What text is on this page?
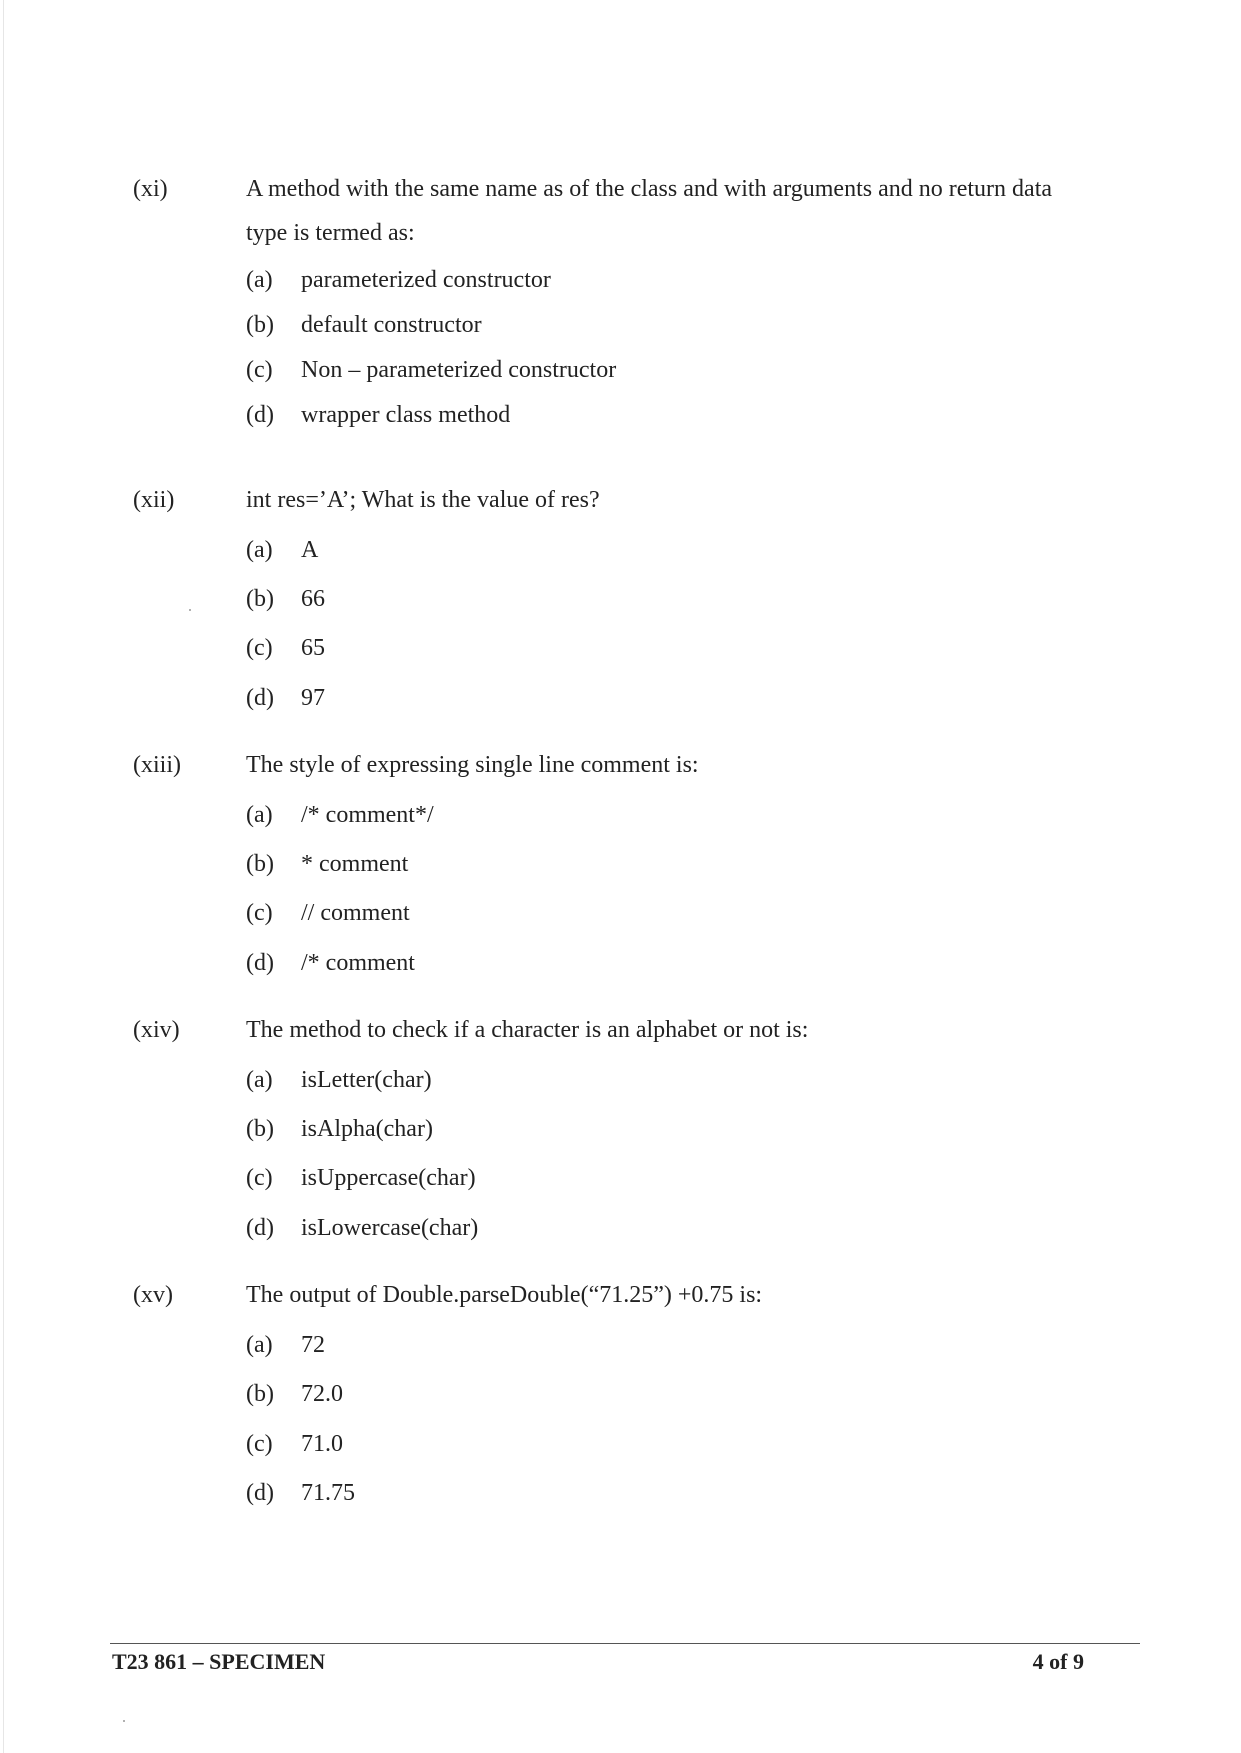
(xi)	A method with the same name as of the class and with arguments and no return data type is termed as:
(a) parameterized constructor
(b) default constructor
(c) Non – parameterized constructor
(d) wrapper class method
(xii)	int res=’A’; What is the value of res?
(a) A
(b) 66
(c) 65
(d) 97
(xiii)	The style of expressing single line comment is:
(a) /* comment*/
(b) * comment
(c) // comment
(d) /* comment
(xiv)	The method to check if a character is an alphabet or not is:
(a) isLetter(char)
(b) isAlpha(char)
(c) isUppercase(char)
(d) isLowercase(char)
(xv)	The output of Double.parseDouble(“71.25”) +0.75 is:
(a) 72
(b) 72.0
(c) 71.0
(d) 71.75
T23 861 – SPECIMEN	4 of 9
